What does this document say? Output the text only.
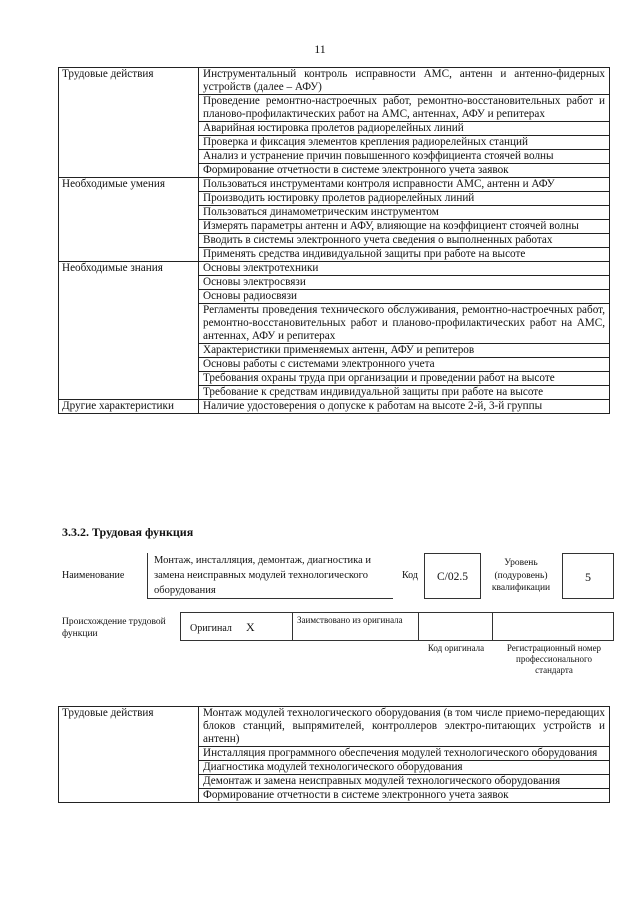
11
Трудовые действия	Инструментальный контроль исправности АМС, антенн и антенно-фидерных устройств (далее – АФУ)
	Проведение ремонтно-настроечных работ, ремонтно-восстановительных работ и планово-профилактических работ на АМС, антеннах, АФУ и репитерах
	Аварийная юстировка пролетов радиорелейных линий
	Проверка и фиксация элементов крепления радиорелейных станций
	Анализ и устранение причин повышенного коэффициента стоячей волны
	Формирование отчетности в системе электронного учета заявок
Необходимые умения	Пользоваться инструментами контроля исправности АМС, антенн и АФУ
	Производить юстировку пролетов радиорелейных линий
	Пользоваться динамометрическим инструментом
	Измерять параметры антенн и АФУ, влияющие на коэффициент стоячей волны
	Вводить в системы электронного учета сведения о выполненных работах
	Применять средства индивидуальной защиты при работе на высоте
Необходимые знания	Основы электротехники
	Основы электросвязи
	Основы радиосвязи
	Регламенты проведения технического обслуживания, ремонтно-настроечных работ, ремонтно-восстановительных работ и планово-профилактических работ на АМС, антеннах, АФУ и репитерах
	Характеристики применяемых антенн, АФУ и репитеров
	Основы работы с системами электронного учета
	Требования охраны труда при организации и проведении работ на высоте
	Требование к средствам индивидуальной защиты при работе на высоте
Другие характеристики	Наличие удостоверения о допуске к работам на высоте 2-й, 3-й группы
3.3.2. Трудовая функция
Наименование
Монтаж, инсталляция, демонтаж, диагностика и замена неисправных модулей технологического оборудования
Код	C/02.5
Уровень (подуровень) квалификации
5
Происхождение трудовой функции	Оригинал X	Заимствовано из оригинала
Код оригинала	Регистрационный номер профессионального стандарта
Трудовые действия	Монтаж модулей технологического оборудования (в том числе приемо-передающих блоков станций, выпрямителей, контроллеров электро-питающих устройств и антенн)
Инсталляция программного обеспечения модулей технологического оборудования
Диагностика модулей технологического оборудования
Демонтаж и замена неисправных модулей технологического оборудования
Формирование отчетности в системе электронного учета заявок
